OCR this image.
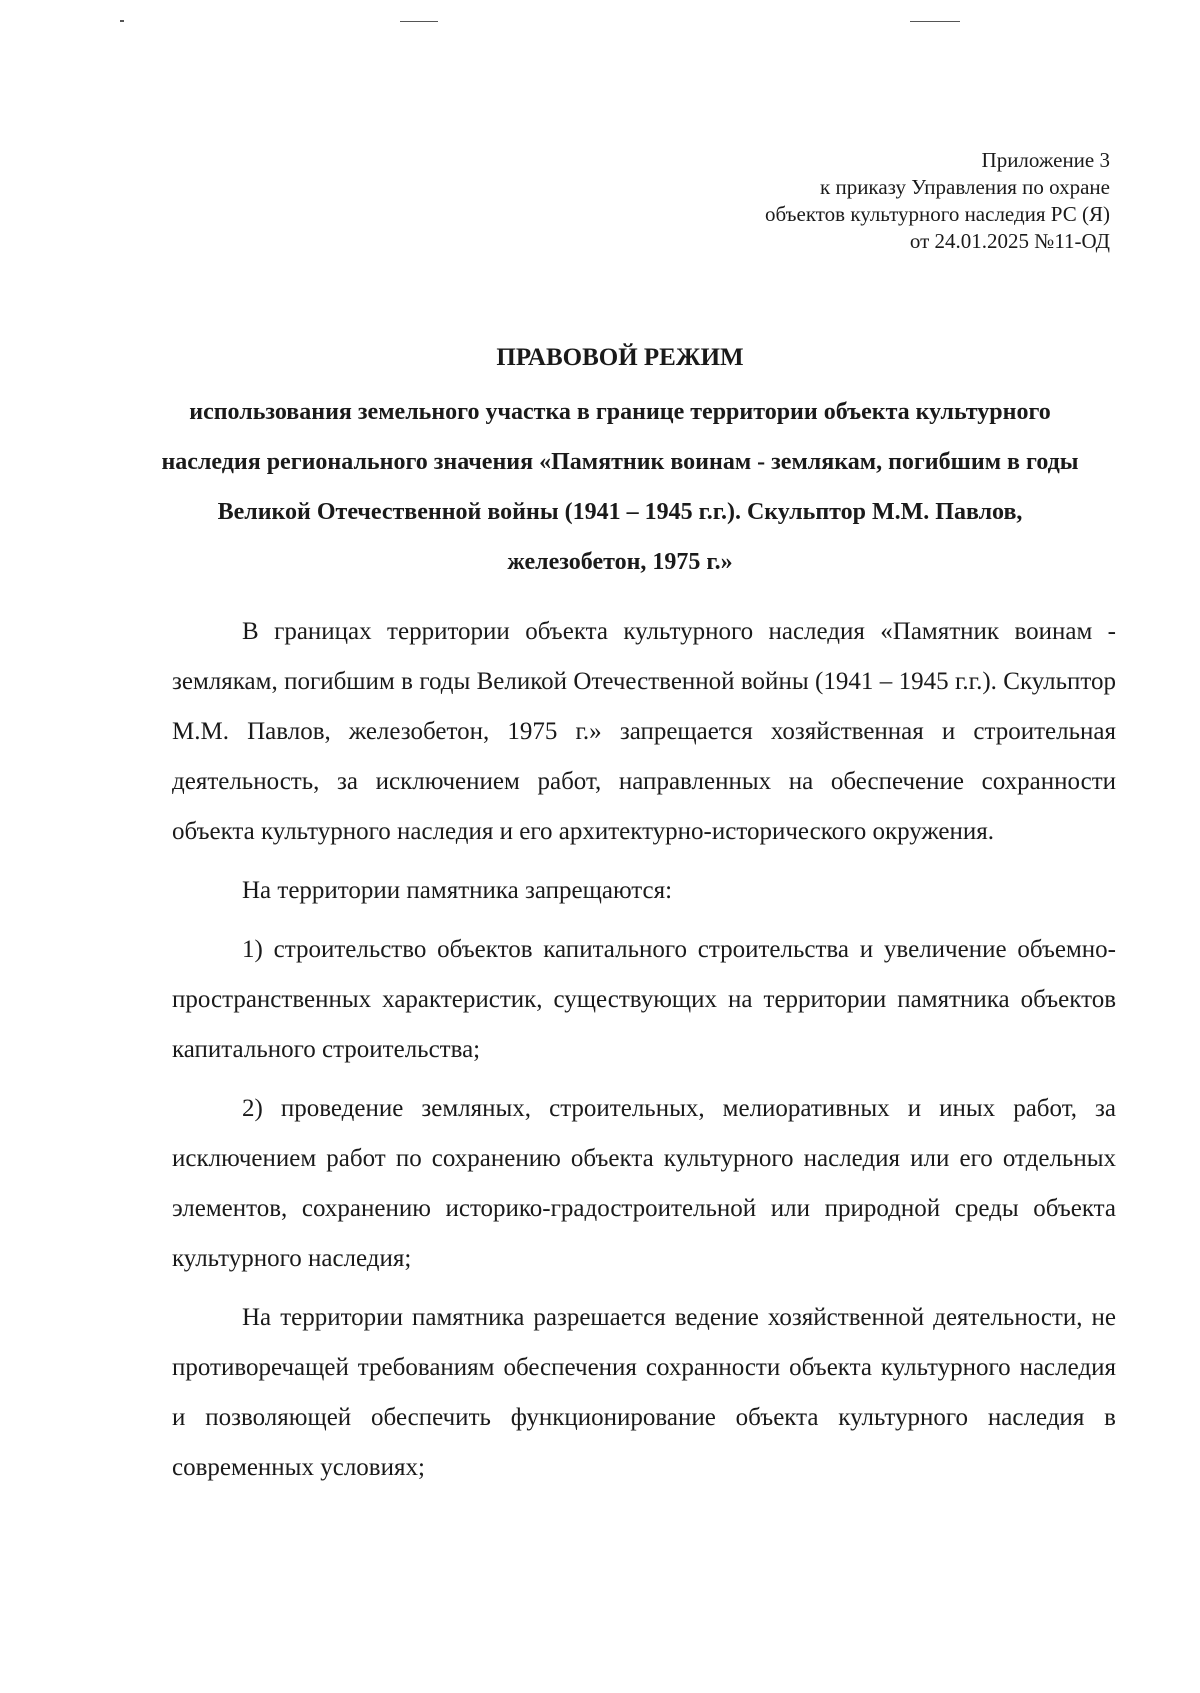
Приложение 3
к приказу Управления по охране
объектов культурного наследия РС (Я)
от 24.01.2025 №11-ОД
ПРАВОВОЙ РЕЖИМ
использования земельного участка в границе территории объекта культурного наследия регионального значения «Памятник воинам - землякам, погибшим в годы Великой Отечественной войны (1941 – 1945 г.г.). Скульптор М.М. Павлов, железобетон, 1975 г.»

В границах территории объекта культурного наследия «Памятник воинам - землякам, погибшим в годы Великой Отечественной войны (1941 – 1945 г.г.). Скульптор М.М. Павлов, железобетон, 1975 г.» запрещается хозяйственная и строительная деятельность, за исключением работ, направленных на обеспечение сохранности объекта культурного наследия и его архитектурно-исторического окружения.

На территории памятника запрещаются:

1) строительство объектов капитального строительства и увеличение объемно-пространственных характеристик, существующих на территории памятника объектов капитального строительства;

2) проведение земляных, строительных, мелиоративных и иных работ, за исключением работ по сохранению объекта культурного наследия или его отдельных элементов, сохранению историко-градостроительной или природной среды объекта культурного наследия;

На территории памятника разрешается ведение хозяйственной деятельности, не противоречащей требованиям обеспечения сохранности объекта культурного наследия и позволяющей обеспечить функционирование объекта культурного наследия в современных условиях;
